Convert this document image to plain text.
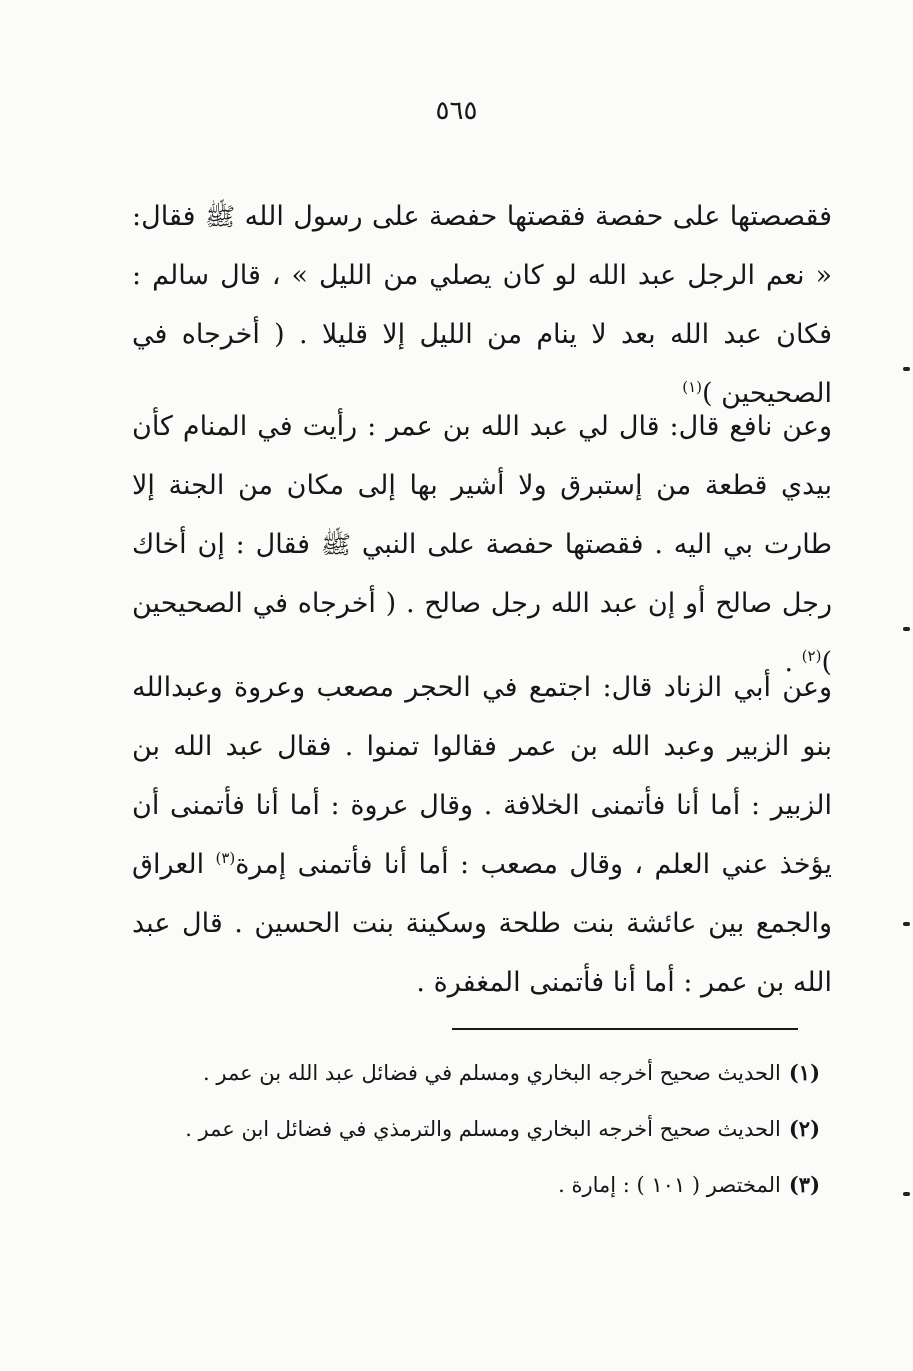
٥٦٥
فقصصتها على حفصة فقصتها حفصة على رسول الله ﷺ فقال: « نعم الرجل عبد الله لو كان يصلي من الليل » ، قال سالم : فكان عبد الله بعد لا ينام من الليل إلا قليلا . ( أخرجاه في الصحيحين )$^{(١)}$
وعن نافع قال: قال لي عبد الله بن عمر : رأيت في المنام كأن بيدي قطعة من إستبرق ولا أشير بها إلى مكان من الجنة إلا طارت بي اليه . فقصتها حفصة على النبي ﷺ فقال : إن أخاك رجل صالح أو إن عبد الله رجل صالح . ( أخرجاه في الصحيحين )$^{(٢)}$ .
وعن أبي الزناد قال: اجتمع في الحجر مصعب وعروة وعبدالله بنو الزبير وعبد الله بن عمر فقالوا تمنوا . فقال عبد الله بن الزبير : أما أنا فأتمنى الخلافة . وقال عروة : أما أنا فأتمنى أن يؤخذ عني العلم ، وقال مصعب : أما أنا فأتمنى إمرة$^{(٣)}$ العراق والجمع بين عائشة بنت طلحة وسكينة بنت الحسين . قال عبد الله بن عمر : أما أنا فأتمنى المغفرة .
(١)الحديث صحيح أخرجه البخاري ومسلم في فضائل عبد الله بن عمر .
(٢)الحديث صحيح أخرجه البخاري ومسلم والترمذي في فضائل ابن عمر .
(٣)المختصر ( ١٠١ ) : إمارة .
